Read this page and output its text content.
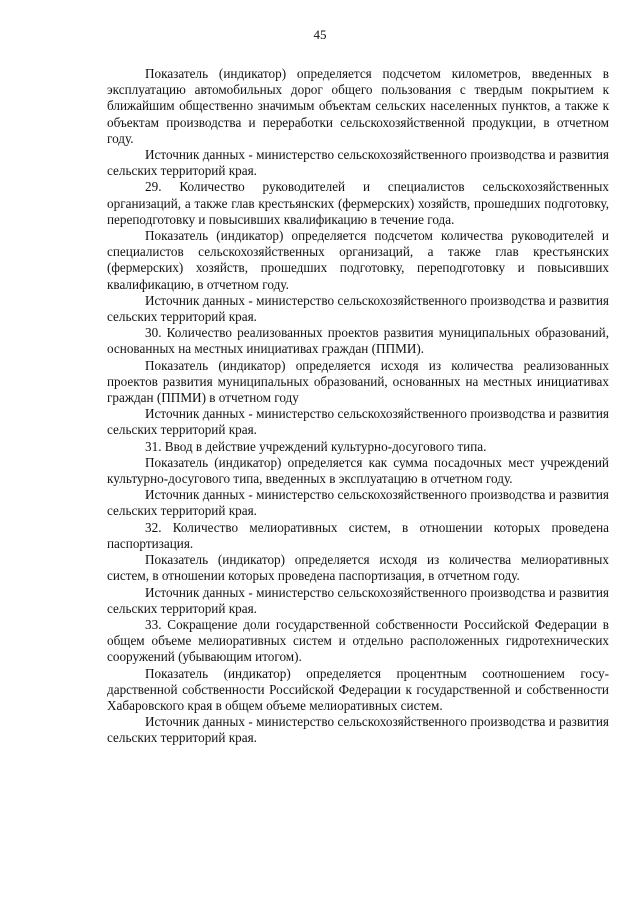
45

Показатель (индикатор) определяется подсчетом километров, введенных в эксплуатацию автомобильных дорог общего пользования с твердым покрытием к ближайшим общественно значимым объектам сельских населенных пунктов, а также к объектам производства и переработки сельскохозяйственной продукции, в отчетном году.

Источник данных - министерство сельскохозяйственного производства и развития сельских территорий края.

29. Количество руководителей и специалистов сельскохозяйственных организаций, а также глав крестьянских (фермерских) хозяйств, прошедших подготовку, переподготовку и повысивших квалификацию в течение года.

Показатель (индикатор) определяется подсчетом количества руководителей и специалистов сельскохозяйственных организаций, а также глав крестьянских (фермерских) хозяйств, прошедших подготовку, переподготовку и повысивших квалификацию, в отчетном году.

Источник данных - министерство сельскохозяйственного производства и развития сельских территорий края.

30. Количество реализованных проектов развития муниципальных образований, основанных на местных инициативах граждан (ППМИ).

Показатель (индикатор) определяется исходя из количества реализованных проектов развития муниципальных образований, основанных на местных инициативах граждан (ППМИ) в отчетном году

Источник данных - министерство сельскохозяйственного производства и развития сельских территорий края.

31. Ввод в действие учреждений культурно-досугового типа.

Показатель (индикатор) определяется как сумма посадочных мест учреждений культурно-досугового типа, введенных в эксплуатацию в отчетном году.

Источник данных - министерство сельскохозяйственного производства и развития сельских территорий края.

32. Количество мелиоративных систем, в отношении которых проведена паспортизация.

Показатель (индикатор) определяется исходя из количества мелиоративных систем, в отношении которых проведена паспортизация, в отчетном году.

Источник данных - министерство сельскохозяйственного производства и развития сельских территорий края.

33. Сокращение доли государственной собственности Российской Федерации в общем объеме мелиоративных систем и отдельно расположенных гидротехнических сооружений (убывающим итогом).

Показатель (индикатор) определяется процентным соотношением государственной собственности Российской Федерации к государственной и собственности Хабаровского края в общем объеме мелиоративных систем.

Источник данных - министерство сельскохозяйственного производства и развития сельских территорий края.
